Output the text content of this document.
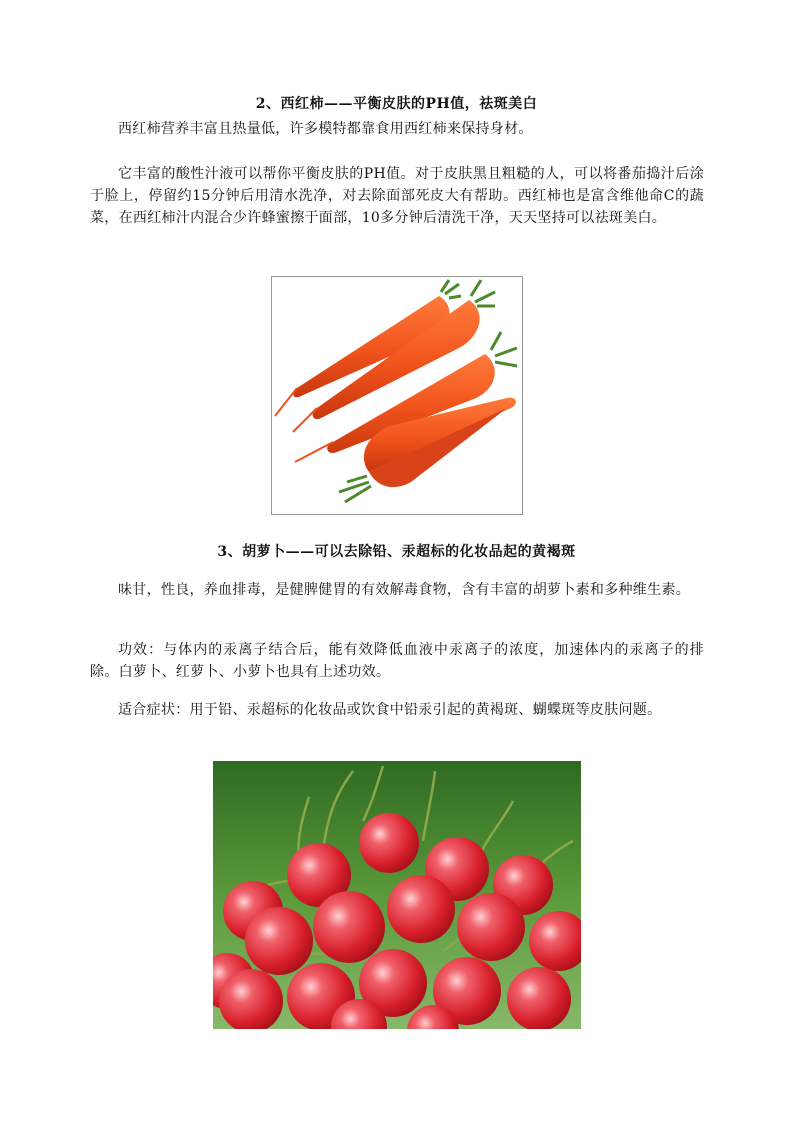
2、西红柿——平衡皮肤的PH值，祛斑美白

西红柿营养丰富且热量低，许多模特都靠食用西红柿来保持身材。

它丰富的酸性汁液可以帮你平衡皮肤的PH值。对于皮肤黑且粗糙的人，可以将番茄捣汁后涂于脸上，停留约15分钟后用清水洗净，对去除面部死皮大有帮助。西红柿也是富含维他命C的蔬菜，在西红柿汁内混合少许蜂蜜擦于面部，10多分钟后清洗干净，天天坚持可以祛斑美白。

3、胡萝卜——可以去除铅、汞超标的化妆品起的黄褐斑

味甘，性良，养血排毒，是健脾健胃的有效解毒食物，含有丰富的胡萝卜素和多种维生素。

功效：与体内的汞离子结合后，能有效降低血液中汞离子的浓度，加速体内的汞离子的排除。白萝卜、红萝卜、小萝卜也具有上述功效。

适合症状：用于铅、汞超标的化妆品或饮食中铅汞引起的黄褐斑、蝴蝶斑等皮肤问题。
